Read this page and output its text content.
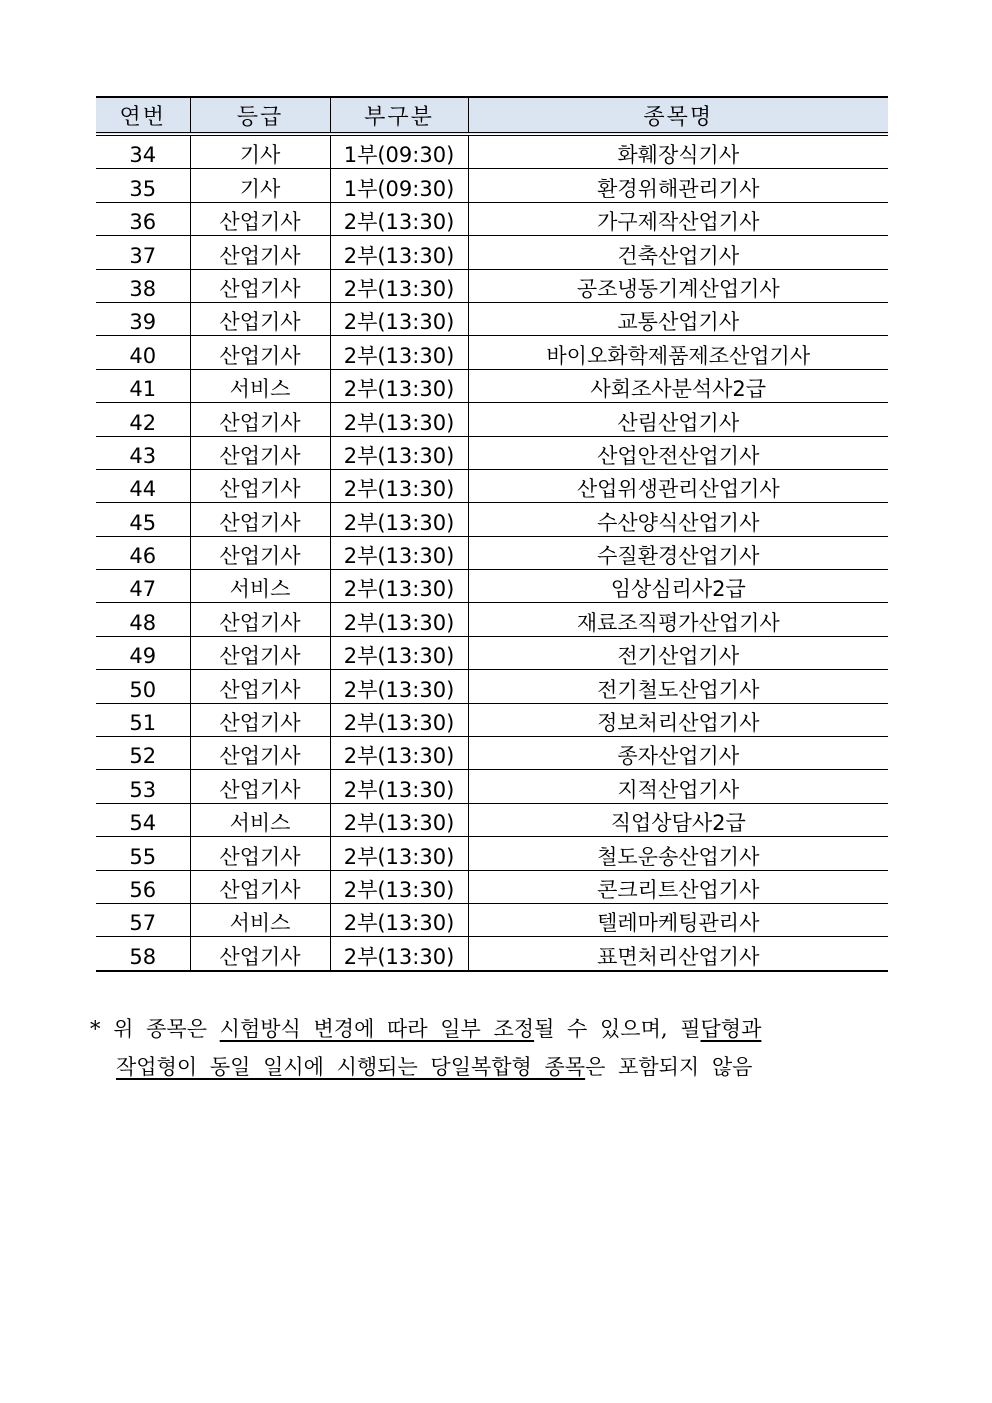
연번	등급	부구분	종목명
34	기사	1부(09:30)	화훼장식기사
35	기사	1부(09:30)	환경위해관리기사
36	산업기사	2부(13:30)	가구제작산업기사
37	산업기사	2부(13:30)	건축산업기사
38	산업기사	2부(13:30)	공조냉동기계산업기사
39	산업기사	2부(13:30)	교통산업기사
40	산업기사	2부(13:30)	바이오화학제품제조산업기사
41	서비스	2부(13:30)	사회조사분석사2급
42	산업기사	2부(13:30)	산림산업기사
43	산업기사	2부(13:30)	산업안전산업기사
44	산업기사	2부(13:30)	산업위생관리산업기사
45	산업기사	2부(13:30)	수산양식산업기사
46	산업기사	2부(13:30)	수질환경산업기사
47	서비스	2부(13:30)	임상심리사2급
48	산업기사	2부(13:30)	재료조직평가산업기사
49	산업기사	2부(13:30)	전기산업기사
50	산업기사	2부(13:30)	전기철도산업기사
51	산업기사	2부(13:30)	정보처리산업기사
52	산업기사	2부(13:30)	종자산업기사
53	산업기사	2부(13:30)	지적산업기사
54	서비스	2부(13:30)	직업상담사2급
55	산업기사	2부(13:30)	철도운송산업기사
56	산업기사	2부(13:30)	콘크리트산업기사
57	서비스	2부(13:30)	텔레마케팅관리사
58	산업기사	2부(13:30)	표면처리산업기사
* 위 종목은 시험방식 변경에 따라 일부 조정될 수 있으며, 필답형과
작업형이 동일 일시에 시행되는 당일복합형 종목은 포함되지 않음
